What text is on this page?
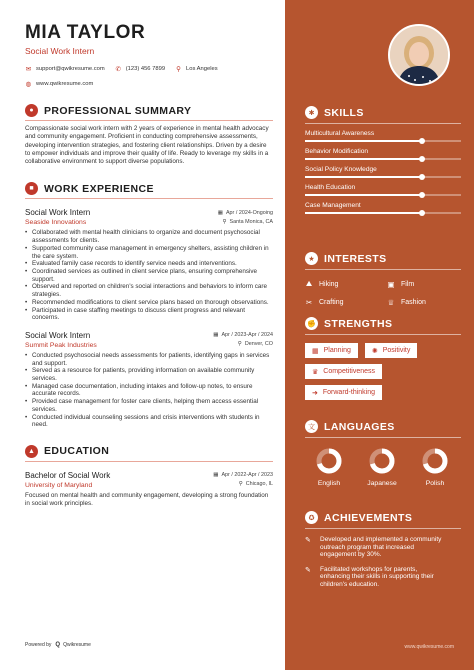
MIA TAYLOR
Social Work Intern
✉ support@qwikresume.com ✆ (123) 456 7899 ⚲ Los Angeles
◍ www.qwikresume.com
● PROFESSIONAL SUMMARY
Compassionate social work intern with 2 years of experience in mental health advocacy and community engagement. Proficient in conducting comprehensive assessments, developing intervention strategies, and fostering client relationships. Driven by a desire to empower individuals and improve their quality of life. Ready to leverage my skills in a collaborative environment to support diverse populations.
■ WORK EXPERIENCE
Social Work Intern
Seaside Innovations
▦ Apr / 2024-Ongoing
⚲ Santa Monica, CA
• Collaborated with mental health clinicians to organize and document psychosocial assessments for clients.
• Supported community case management in emergency shelters, assisting children in the care system.
• Evaluated family case records to identify service needs and interventions.
• Coordinated services as outlined in client service plans, ensuring comprehensive support.
• Observed and reported on children's social interactions and behaviors to inform care strategies.
• Recommended modifications to client service plans based on thorough observations.
• Participated in case staffing meetings to discuss client progress and relevant concerns.
Social Work Intern
Summit Peak Industries
▦ Apr / 2023-Apr / 2024
⚲ Denver, CO
• Conducted psychosocial needs assessments for patients, identifying gaps in services and support.
• Served as a resource for patients, providing information on available community services.
• Managed case documentation, including intakes and follow-up notes, to ensure accurate records.
• Provided case management for foster care clients, helping them access essential services.
• Conducted individual counseling sessions and crisis interventions with students in need.
▲ EDUCATION
Bachelor of Social Work
University of Maryland
▦ Apr / 2022-Apr / 2023
⚲ Chicago, IL
Focused on mental health and community engagement, developing a strong foundation in social work principles.
Powered by Q Qwikresume
✱ SKILLS
Multicultural Awareness
Behavior Modification
Social Policy Knowledge
Health Education
Case Management
★ INTERESTS
⛰ Hiking	▣ Film
✂ Crafting	♕ Fashion
✊ STRENGTHS
▦ Planning	✺ Positivity
♛ Competitiveness
➜ Forward-thinking
文 LANGUAGES
English	Japanese	Polish
✪ ACHIEVEMENTS
✎	Developed and implemented a community outreach program that increased engagement by 30%.
✎	Facilitated workshops for parents, enhancing their skills in supporting their children's education.
www.qwikresume.com
